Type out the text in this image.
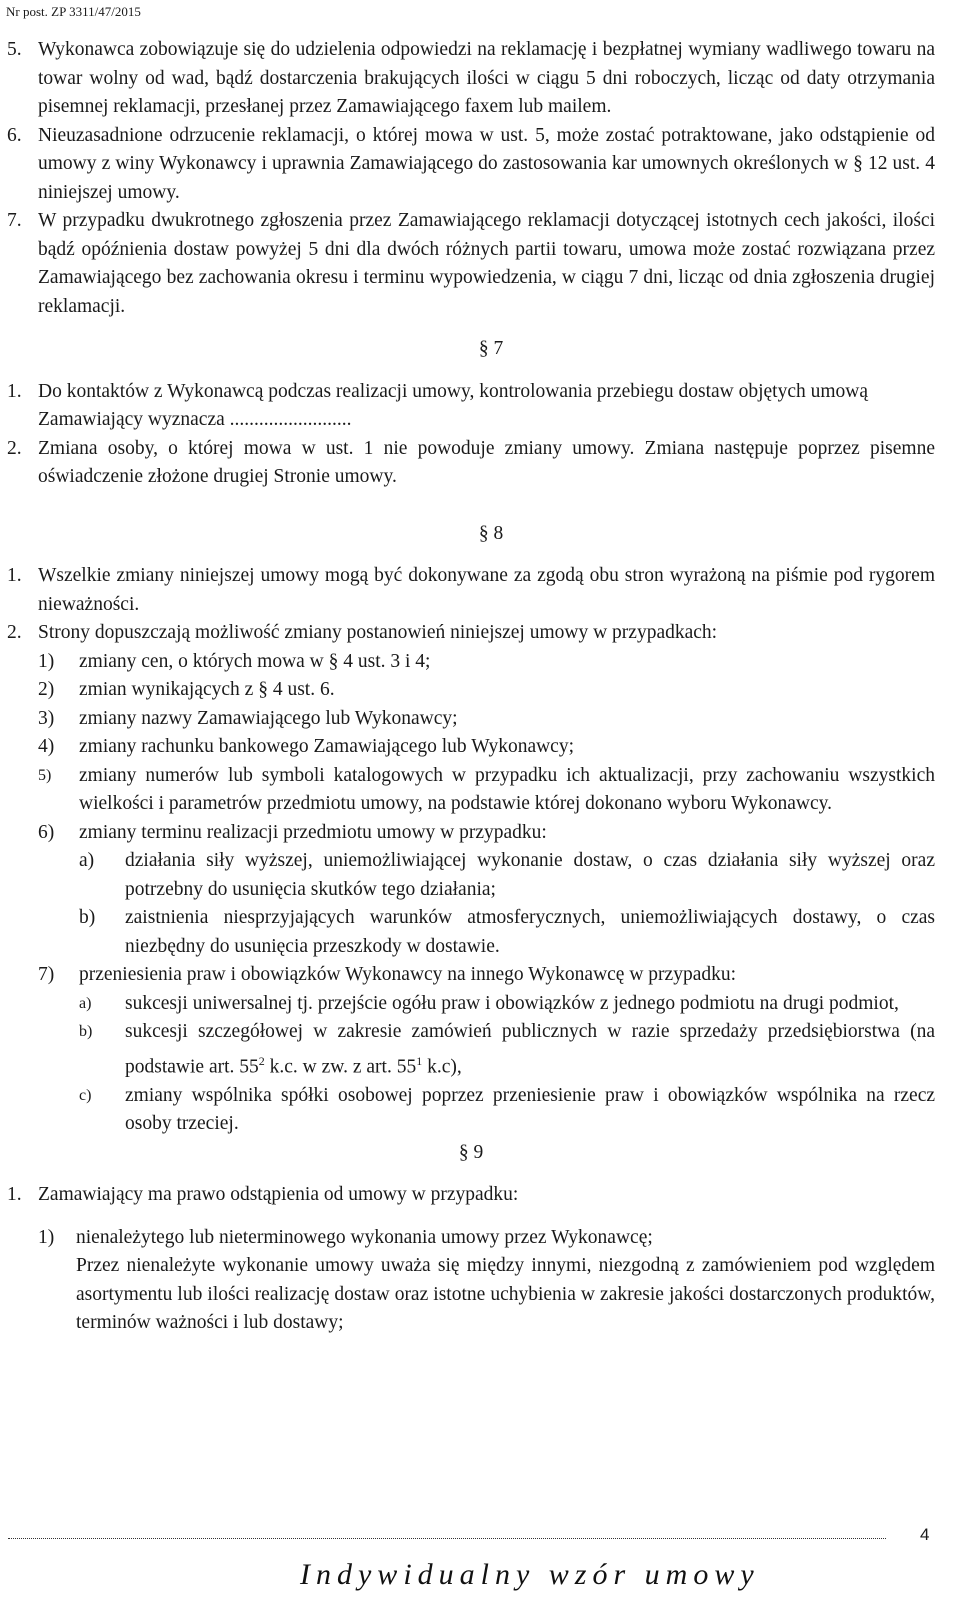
Nr post. ZP 3311/47/2015
5. Wykonawca zobowiązuje się do udzielenia odpowiedzi na reklamację i bezpłatnej wymiany wadliwego towaru na towar wolny od wad, bądź dostarczenia brakujących ilości w ciągu 5 dni roboczych, licząc od daty otrzymania pisemnej reklamacji, przesłanej przez Zamawiającego faxem lub mailem.
6. Nieuzasadnione odrzucenie reklamacji, o której mowa w ust. 5, może zostać potraktowane, jako odstąpienie od umowy z winy Wykonawcy i uprawnia Zamawiającego do zastosowania kar umownych określonych w § 12 ust. 4 niniejszej umowy.
7. W przypadku dwukrotnego zgłoszenia przez Zamawiającego reklamacji dotyczącej istotnych cech jakości, ilości bądź opóźnienia dostaw powyżej 5 dni dla dwóch różnych partii towaru, umowa może zostać rozwiązana przez Zamawiającego bez zachowania okresu i terminu wypowiedzenia, w ciągu 7 dni, licząc od dnia zgłoszenia drugiej reklamacji.
§ 7
1. Do kontaktów z Wykonawcą podczas realizacji umowy, kontrolowania przebiegu dostaw objętych umową Zamawiający wyznacza .........................
2. Zmiana osoby, o której mowa w ust. 1 nie powoduje zmiany umowy. Zmiana następuje poprzez pisemne oświadczenie złożone drugiej Stronie umowy.
§ 8
1. Wszelkie zmiany niniejszej umowy mogą być dokonywane za zgodą obu stron wyrażoną na piśmie pod rygorem nieważności.
2. Strony dopuszczają możliwość zmiany postanowień niniejszej umowy w przypadkach:
1)	zmiany cen, o których mowa w § 4 ust. 3 i 4;
2)	zmian wynikających z § 4 ust. 6.
3)	zmiany nazwy Zamawiającego lub Wykonawcy;
4)	zmiany rachunku bankowego Zamawiającego lub Wykonawcy;
5)	zmiany numerów lub symboli katalogowych w przypadku ich aktualizacji, przy zachowaniu wszystkich wielkości i parametrów przedmiotu umowy, na podstawie której dokonano wyboru Wykonawcy.
6)	zmiany terminu realizacji przedmiotu umowy w przypadku:
a)	działania siły wyższej, uniemożliwiającej wykonanie dostaw, o czas działania siły wyższej oraz potrzebny do usunięcia skutków tego działania;
b)	zaistnienia niesprzyjających warunków atmosferycznych, uniemożliwiających dostawy, o czas niezbędny do usunięcia przeszkody w dostawie.
7)	przeniesienia praw i obowiązków Wykonawcy na innego Wykonawcę w przypadku:
a)	sukcesji uniwersalnej tj. przejście ogółu praw i obowiązków z jednego podmiotu na drugi podmiot,
b)	sukcesji szczegółowej w zakresie zamówień publicznych w razie sprzedaży przedsiębiorstwa (na podstawie art. $55^2$ k.c. w zw. z art. $55^1$ k.c),
c)	zmiany wspólnika spółki osobowej poprzez przeniesienie praw i obowiązków wspólnika na rzecz osoby trzeciej.
§ 9
1. Zamawiający ma prawo odstąpienia od umowy w przypadku:
1)	nienależytego lub nieterminowego wykonania umowy przez Wykonawcę;
Przez nienależyte wykonanie umowy uważa się między innymi, niezgodną z zamówieniem pod względem asortymentu lub ilości realizację dostaw oraz istotne uchybienia w zakresie jakości dostarczonych produktów, terminów ważności i lub dostawy;
4
Indywidualny wzór umowy
